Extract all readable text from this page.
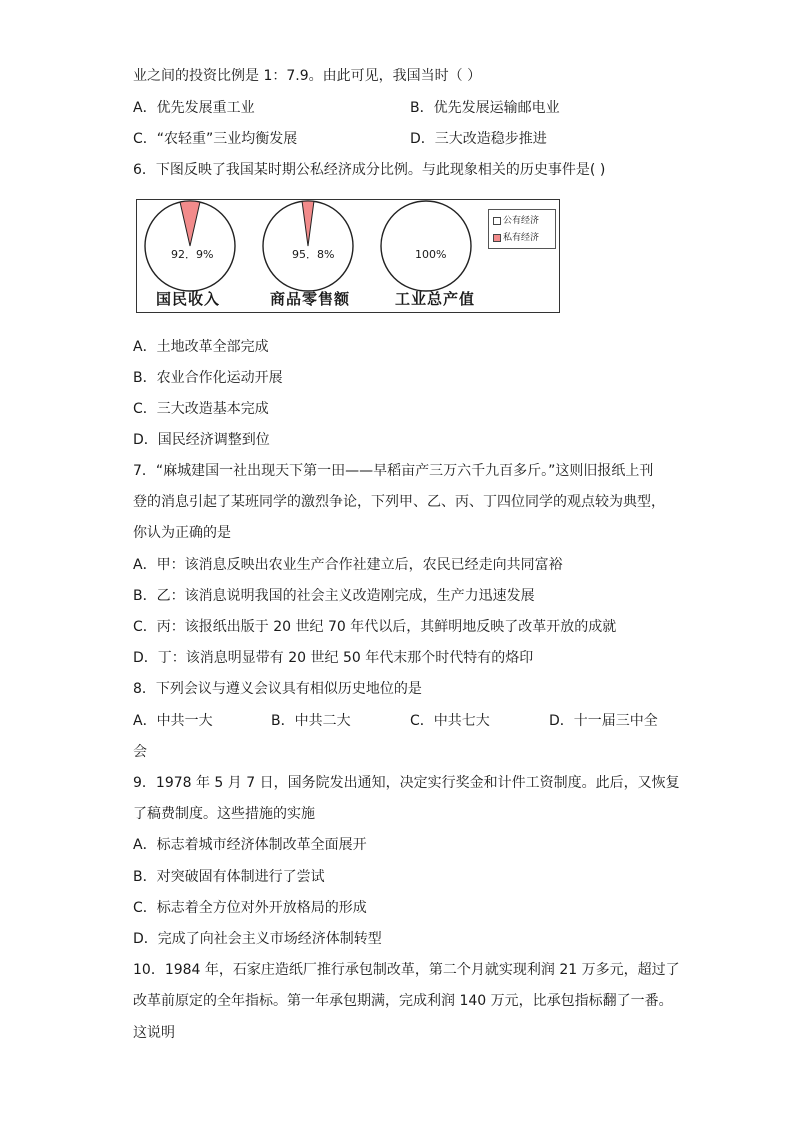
业之间的投资比例是 1：7.9。由此可见，我国当时（ ）
A．优先发展重工业	B．优先发展运输邮电业
C．“农轻重”三业均衡发展	D．三大改造稳步推进
6．下图反映了我国某时期公私经济成分比例。与此现象相关的历史事件是( )
92．9%	95．8%	100%
国民收入	商品零售额	工业总产值
公有经济
私有经济
A．土地改革全部完成
B．农业合作化运动开展
C．三大改造基本完成
D．国民经济调整到位
7．“麻城建国一社出现天下第一田——早稻亩产三万六千九百多斤。”这则旧报纸上刊
登的消息引起了某班同学的激烈争论，下列甲、乙、丙、丁四位同学的观点较为典型，
你认为正确的是
A．甲：该消息反映出农业生产合作社建立后，农民已经走向共同富裕
B．乙：该消息说明我国的社会主义改造刚完成，生产力迅速发展
C．丙：该报纸出版于 20 世纪 70 年代以后，其鲜明地反映了改革开放的成就
D．丁：该消息明显带有 20 世纪 50 年代末那个时代特有的烙印
8．下列会议与遵义会议具有相似历史地位的是
A．中共一大	B．中共二大	C．中共七大	D．十一届三中全
会
9．1978 年 5 月 7 日，国务院发出通知，决定实行奖金和计件工资制度。此后，又恢复
了稿费制度。这些措施的实施
A．标志着城市经济体制改革全面展开
B．对突破固有体制进行了尝试
C．标志着全方位对外开放格局的形成
D．完成了向社会主义市场经济体制转型
10．1984 年，石家庄造纸厂推行承包制改革，第二个月就实现利润 21 万多元，超过了
改革前原定的全年指标。第一年承包期满，完成利润 140 万元，比承包指标翻了一番。
这说明
